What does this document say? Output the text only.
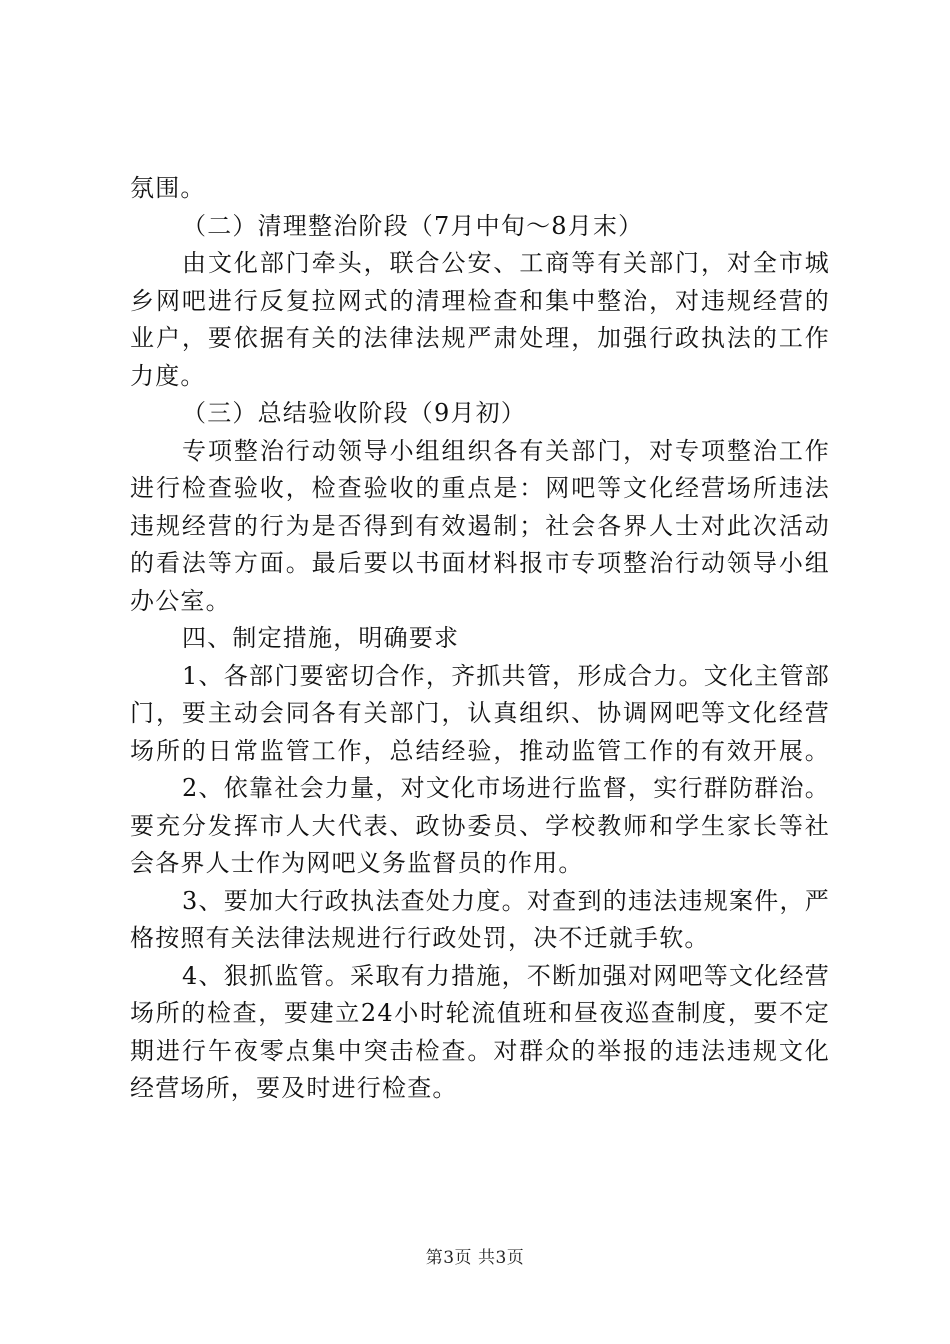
氛围。
（二）清理整治阶段（7月中旬～8月末）
由文化部门牵头，联合公安、工商等有关部门，对全市城
乡网吧进行反复拉网式的清理检查和集中整治，对违规经营的
业户，要依据有关的法律法规严肃处理，加强行政执法的工作
力度。
（三）总结验收阶段（9月初）
专项整治行动领导小组组织各有关部门，对专项整治工作
进行检查验收，检查验收的重点是：网吧等文化经营场所违法
违规经营的行为是否得到有效遏制；社会各界人士对此次活动
的看法等方面。最后要以书面材料报市专项整治行动领导小组
办公室。
四、制定措施，明确要求
1、各部门要密切合作，齐抓共管，形成合力。文化主管部
门，要主动会同各有关部门，认真组织、协调网吧等文化经营
场所的日常监管工作，总结经验，推动监管工作的有效开展。
2、依靠社会力量，对文化市场进行监督，实行群防群治。
要充分发挥市人大代表、政协委员、学校教师和学生家长等社
会各界人士作为网吧义务监督员的作用。
3、要加大行政执法查处力度。对查到的违法违规案件，严
格按照有关法律法规进行行政处罚，决不迁就手软。
4、狠抓监管。采取有力措施，不断加强对网吧等文化经营
场所的检查，要建立24小时轮流值班和昼夜巡查制度，要不定
期进行午夜零点集中突击检查。对群众的举报的违法违规文化
经营场所，要及时进行检查。
第3页 共3页
